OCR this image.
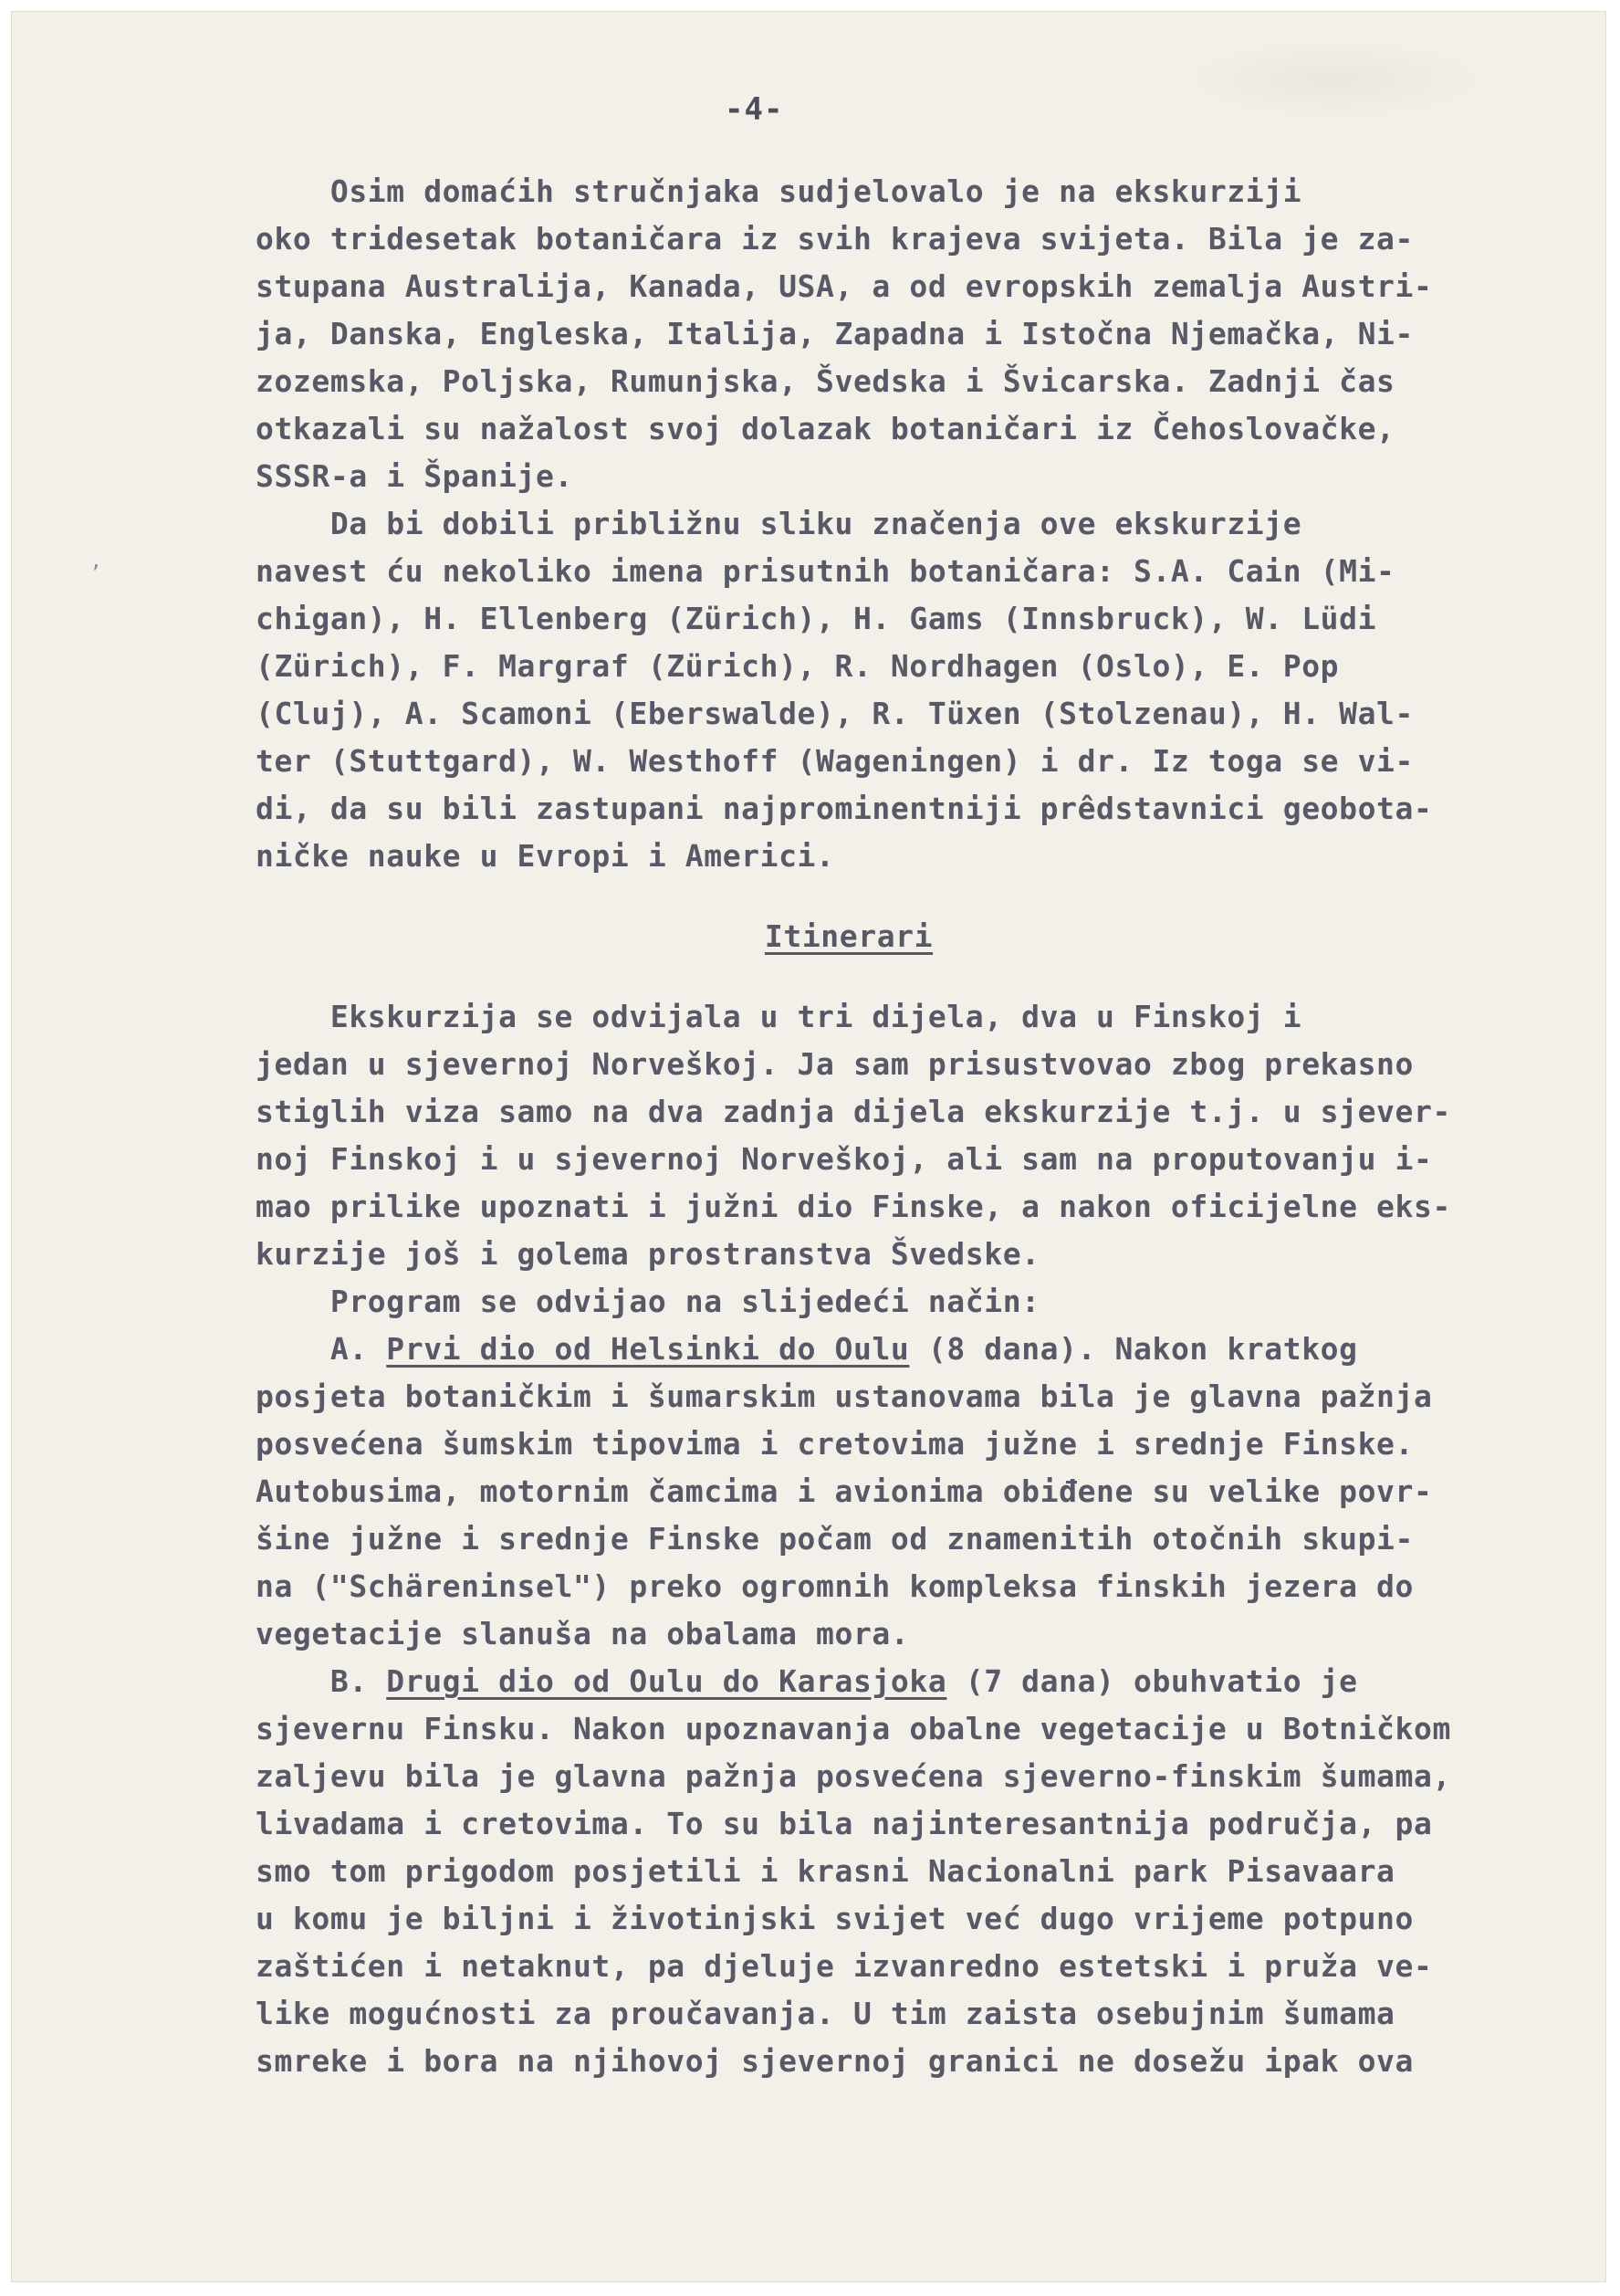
ʼ
-4-
Osim domaćih stručnjaka sudjelovalo je na ekskurziji
oko tridesetak botaničara iz svih krajeva svijeta. Bila je za-
stupana Australija, Kanada, USA, a od evropskih zemalja Austri-
ja, Danska, Engleska, Italija, Zapadna i Istočna Njemačka, Ni-
zozemska, Poljska, Rumunjska, Švedska i Švicarska. Zadnji čas
otkazali su nažalost svoj dolazak botaničari iz Čehoslovačke,
SSSR-a i Španije.
Da bi dobili približnu sliku značenja ove ekskurzije
navest ću nekoliko imena prisutnih botaničara: S.A. Cain (Mi-
chigan), H. Ellenberg (Zürich), H. Gams (Innsbruck), W. Lüdi
(Zürich), F. Margraf (Zürich), R. Nordhagen (Oslo), E. Pop
(Cluj), A. Scamoni (Eberswalde), R. Tüxen (Stolzenau), H. Wal-
ter (Stuttgard), W. Westhoff (Wageningen) i dr. Iz toga se vi-
di, da su bili zastupani najprominentniji prêdstavnici geobota-
ničke nauke u Evropi i Americi.
Itinerari
Ekskurzija se odvijala u tri dijela, dva u Finskoj i
jedan u sjevernoj Norveškoj. Ja sam prisustvovao zbog prekasno
stiglih viza samo na dva zadnja dijela ekskurzije t.j. u sjever-
noj Finskoj i u sjevernoj Norveškoj, ali sam na proputovanju i-
mao prilike upoznati i južni dio Finske, a nakon oficijelne eks-
kurzije još i golema prostranstva Švedske.
Program se odvijao na slijedeći način:
A. Prvi dio od Helsinki do Oulu (8 dana). Nakon kratkog
posjeta botaničkim i šumarskim ustanovama bila je glavna pažnja
posvećena šumskim tipovima i cretovima južne i srednje Finske.
Autobusima, motornim čamcima i avionima obiđene su velike povr-
šine južne i srednje Finske počam od znamenitih otočnih skupi-
na ("Schäreninsel") preko ogromnih kompleksa finskih jezera do
vegetacije slanuša na obalama mora.
B. Drugi dio od Oulu do Karasjoka (7 dana) obuhvatio je
sjevernu Finsku. Nakon upoznavanja obalne vegetacije u Botničkom
zaljevu bila je glavna pažnja posvećena sjeverno-finskim šumama,
livadama i cretovima. To su bila najinteresantnija područja, pa
smo tom prigodom posjetili i krasni Nacionalni park Pisavaara
u komu je biljni i životinjski svijet već dugo vrijeme potpuno
zaštićen i netaknut, pa djeluje izvanredno estetski i pruža ve-
like mogućnosti za proučavanja. U tim zaista osebujnim šumama
smreke i bora na njihovoj sjevernoj granici ne dosežu ipak ova
